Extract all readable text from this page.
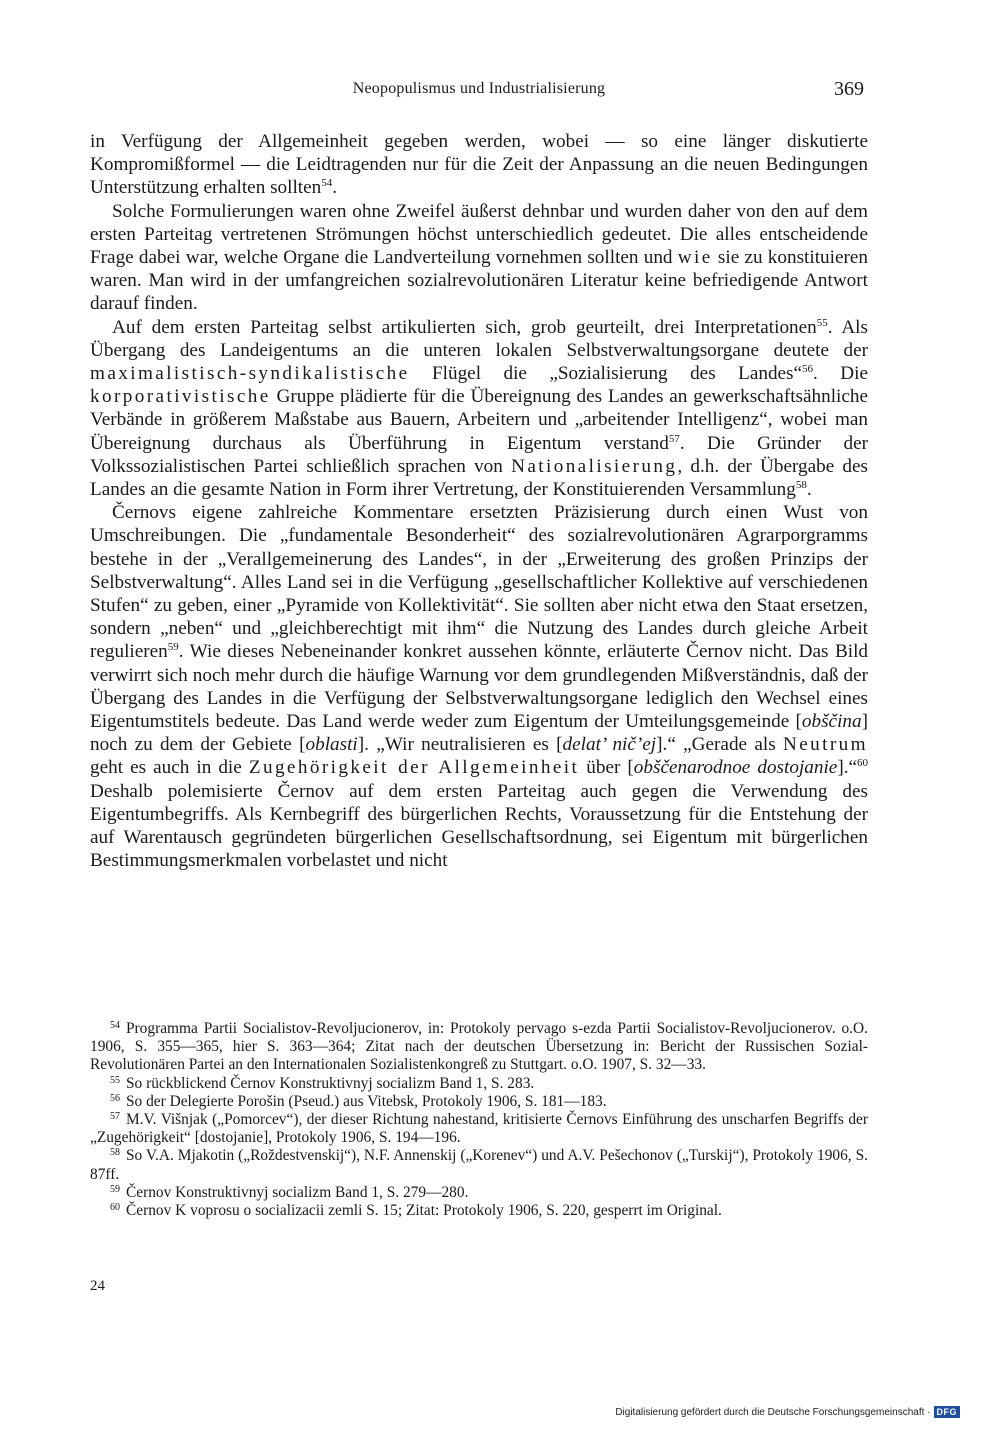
Neopopulismus und Industrialisierung	369

in Verfügung der Allgemeinheit gegeben werden, wobei — so eine länger diskutierte Kompromißformel — die Leidtragenden nur für die Zeit der Anpassung an die neuen Bedingungen Unterstützung erhalten sollten$^{54}$.

Solche Formulierungen waren ohne Zweifel äußerst dehnbar und wurden daher von den auf dem ersten Parteitag vertretenen Strömungen höchst unterschiedlich gedeutet. Die alles entscheidende Frage dabei war, welche Organe die Landverteilung vornehmen sollten und wie sie zu konstituieren waren. Man wird in der umfangreichen sozialrevolutionären Literatur keine befriedigende Antwort darauf finden.

Auf dem ersten Parteitag selbst artikulierten sich, grob geurteilt, drei Interpretationen$^{55}$. Als Übergang des Landeigentums an die unteren lokalen Selbstverwaltungsorgane deutete der maximalistisch-syndikalistische Flügel die „Sozialisierung des Landes“$^{56}$. Die korporativistische Gruppe plädierte für die Übereignung des Landes an gewerkschaftsähnliche Verbände in größerem Maßstabe aus Bauern, Arbeitern und „arbeitender Intelligenz“, wobei man Übereignung durchaus als Überführung in Eigentum verstand$^{57}$. Die Gründer der Volkssozialistischen Partei schließlich sprachen von Nationalisierung, d.h. der Übergabe des Landes an die gesamte Nation in Form ihrer Vertretung, der Konstituierenden Versammlung$^{58}$.

Černovs eigene zahlreiche Kommentare ersetzten Präzisierung durch einen Wust von Umschreibungen. Die „fundamentale Besonderheit“ des sozialrevolutionären Agrarporgramms bestehe in der „Verallgemeinerung des Landes“, in der „Erweiterung des großen Prinzips der Selbstverwaltung“. Alles Land sei in die Verfügung „gesellschaftlicher Kollektive auf verschiedenen Stufen“ zu geben, einer „Pyramide von Kollektivität“. Sie sollten aber nicht etwa den Staat ersetzen, sondern „neben“ und „gleichberechtigt mit ihm“ die Nutzung des Landes durch gleiche Arbeit regulieren$^{59}$. Wie dieses Nebeneinander konkret aussehen könnte, erläuterte Černov nicht. Das Bild verwirrt sich noch mehr durch die häufige Warnung vor dem grundlegenden Mißverständnis, daß der Übergang des Landes in die Verfügung der Selbstverwaltungsorgane lediglich den Wechsel eines Eigentumstitels bedeute. Das Land werde weder zum Eigentum der Umteilungsgemeinde [obščina] noch zu dem der Gebiete [oblasti]. „Wir neutralisieren es [delat’ nič’ej].“ „Gerade als Neutrum geht es auch in die Zugehörigkeit der Allgemeinheit über [obščenarodnoe dostojanie].“$^{60}$ Deshalb polemisierte Černov auf dem ersten Parteitag auch gegen die Verwendung des Eigentumbegriffs. Als Kernbegriff des bürgerlichen Rechts, Voraussetzung für die Entstehung der auf Warentausch gegründeten bürgerlichen Gesellschaftsordnung, sei Eigentum mit bürgerlichen Bestimmungsmerkmalen vorbelastet und nicht

$^{54}$ Programma Partii Socialistov-Revoljucionerov, in: Protokoly pervago s-ezda Partii Socialistov-Revoljucionerov. o.O. 1906, S. 355—365, hier S. 363—364; Zitat nach der deutschen Übersetzung in: Bericht der Russischen Sozial-Revolutionären Partei an den Internationalen Sozialistenkongreß zu Stuttgart. o.O. 1907, S. 32—33.

$^{55}$ So rückblickend Černov Konstruktivnyj socializm Band 1, S. 283.

$^{56}$ So der Delegierte Porošin (Pseud.) aus Vitebsk, Protokoly 1906, S. 181—183.

$^{57}$ M.V. Višnjak („Pomorcev“), der dieser Richtung nahestand, kritisierte Černovs Einführung des unscharfen Begriffs der „Zugehörigkeit“ [dostojanie], Protokoly 1906, S. 194—196.

$^{58}$ So V.A. Mjakotin („Roždestvenskij“), N.F. Annenskij („Korenev“) und A.V. Pešechonov („Turskij“), Protokoly 1906, S. 87ff.

$^{59}$ Černov Konstruktivnyj socializm Band 1, S. 279—280.

$^{60}$ Černov K voprosu o socializacii zemli S. 15; Zitat: Protokoly 1906, S. 220, gesperrt im Original.

24
Digitalisierung gefördert durch die Deutsche Forschungsgemeinschaft · DFG
